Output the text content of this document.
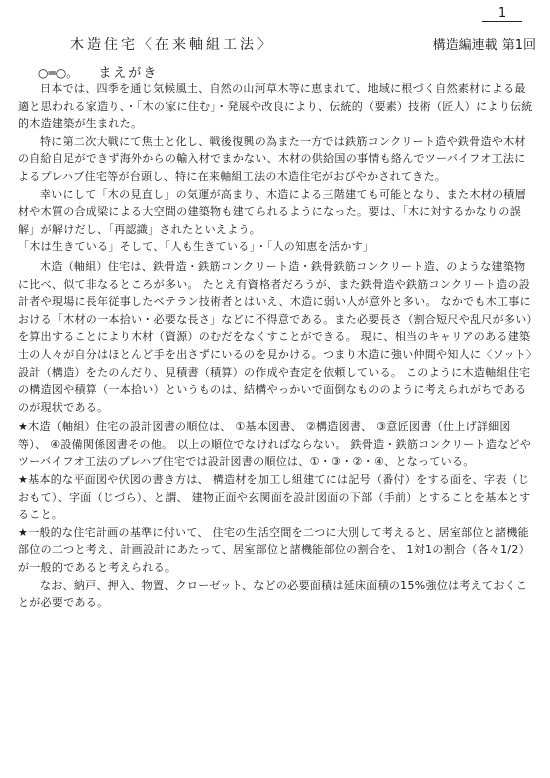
1
木造住宅〈在来軸組工法〉	構造編連載 第1回
○═○。 まえがき

日本では、四季を通じ気候風土、自然の山河草木等に恵まれて、地域に根づく自然素材による最適と思われる家造り、・「木の家に住む」・発展や改良により、伝統的（要素）技術（匠人）により伝統的木造建築が生まれた。

特に第二次大戦にて焦土と化し、戦後復興の為また一方では鉄筋コンクリート造や鉄骨造や木材の自給自足ができず海外からの輸入材でまかない、木材の供給国の事情も絡んでツーバイフオ工法によるプレハブ住宅等が台頭し、特に在来軸組工法の木造住宅がおびやかされてきた。

幸いにして「木の見直し」の気運が高まり、木造による三階建ても可能となり、また木材の積層材や木質の合成梁による大空間の建築物も建てられるようになった。要は、「木に対するかなりの誤解」が解けだし、「再認識」されたといえよう。

「木は生きている」そして、「人も生きている」・「人の知恵を活かす」

木造（軸組）住宅は、鉄骨造・鉄筋コンクリート造・鉄骨鉄筋コンクリート造、のような建築物に比べ、似て非なるところが多い。 たとえ有資格者だろうが、また鉄骨造や鉄筋コンクリート造の設計者や現場に長年従事したベテラン技術者とはいえ、木造に弱い人が意外と多い。 なかでも木工事における「木材の一本拾い・必要な長さ」などに不得意である。また必要長さ（割合短尺や乱尺が多い）を算出することにより木材（資源）のむだをなくすことができる。 現に、相当のキャリアのある建築士の人々が自分はほとんど手を出さずにいるのを見かける。つまり木造に強い仲間や知人に〈ソット〉設計（構造）をたのんだり、見積書（積算）の作成や査定を依頼している。 このように木造軸組住宅の構造図や積算（一本拾い）というものは、結構やっかいで面倒なもののように考えられがちであるのが現状である。

★木造（軸組）住宅の設計図書の順位は、 ①基本図書、 ②構造図書、 ③意匠図書（仕上げ詳細図等）、 ④設備関係図書その他。 以上の順位でなければならない。 鉄骨造・鉄筋コンクリート造などやツーバイフオ工法のプレハブ住宅では設計図書の順位は、①・③・②・④、となっている。

★基本的な平面図や伏図の書き方は、 構造材を加工し組建てには記号（番付）をする面を、字表（じおもて）、字面（じづら）、と謂、 建物正面や玄関面を設計図面の下部（手前）とすることを基本とすること。

★一般的な住宅計画の基準に付いて、 住宅の生活空間を二つに大別して考えると、居室部位と諸機能部位の二つと考え、計画設計にあたって、居室部位と諸機能部位の割合を、 1対1の割合（各々1/2）が一般的であると考えられる。

なお、納戸、押入、物置、クローゼット、などの必要面積は延床面積の15%強位は考えておくことが必要である。
